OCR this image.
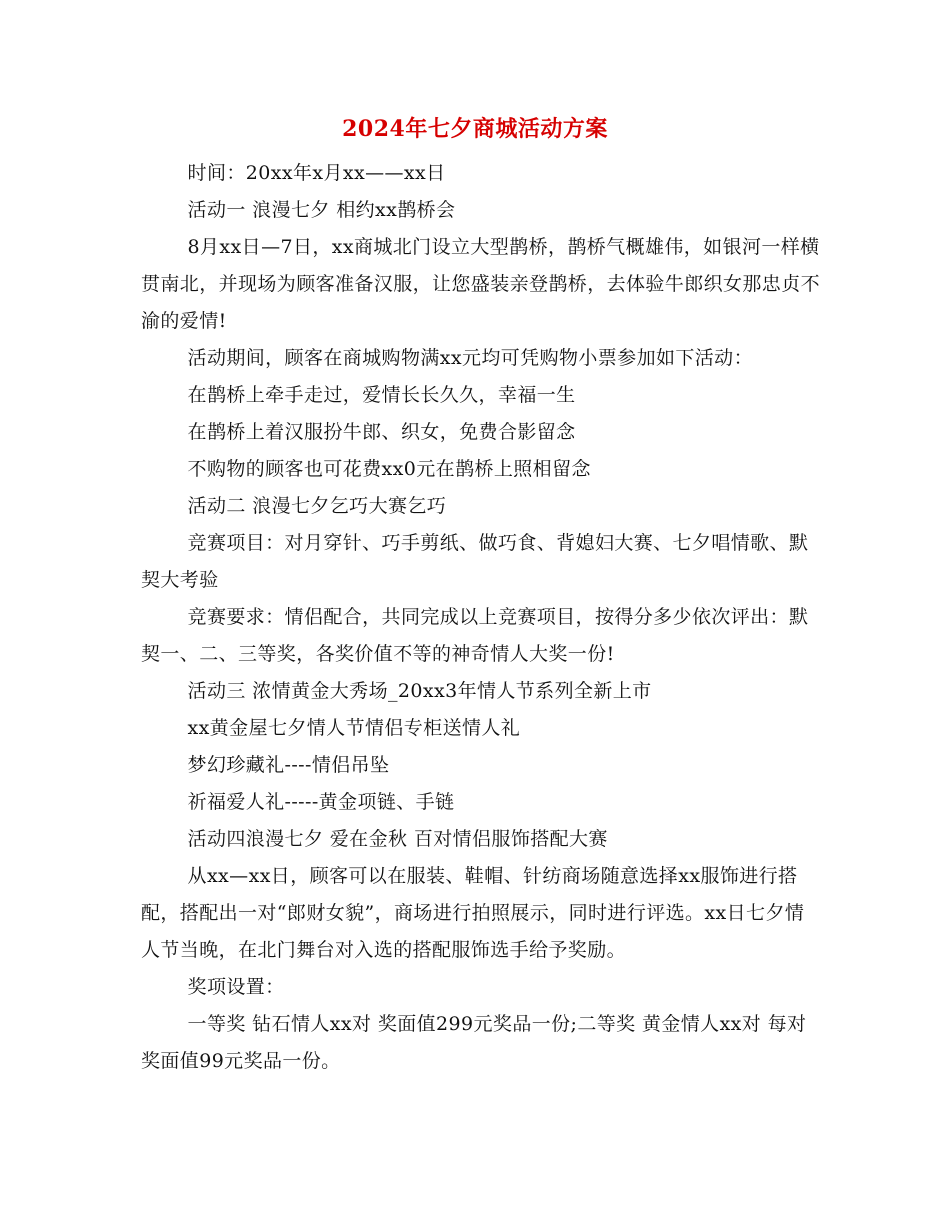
2024年七夕商城活动方案

时间：20xx年x月xx——xx日

活动一 浪漫七夕 相约xx鹊桥会

8月xx日—7日，xx商城北门设立大型鹊桥，鹊桥气概雄伟，如银河一样横贯南北，并现场为顾客准备汉服，让您盛装亲登鹊桥，去体验牛郎织女那忠贞不渝的爱情!

活动期间，顾客在商城购物满xx元均可凭购物小票参加如下活动：

在鹊桥上牵手走过，爱情长长久久，幸福一生

在鹊桥上着汉服扮牛郎、织女，免费合影留念

不购物的顾客也可花费xx0元在鹊桥上照相留念

活动二 浪漫七夕乞巧大赛乞巧

竞赛项目：对月穿针、巧手剪纸、做巧食、背媳妇大赛、七夕唱情歌、默契大考验

竞赛要求：情侣配合，共同完成以上竞赛项目，按得分多少依次评出：默契一、二、三等奖，各奖价值不等的神奇情人大奖一份!

活动三 浓情黄金大秀场_20xx3年情人节系列全新上市

xx黄金屋七夕情人节情侣专柜送情人礼

梦幻珍藏礼----情侣吊坠

祈福爱人礼-----黄金项链、手链

活动四浪漫七夕 爱在金秋 百对情侣服饰搭配大赛

从xx—xx日，顾客可以在服装、鞋帽、针纺商场随意选择xx服饰进行搭配，搭配出一对“郎财女貌”，商场进行拍照展示，同时进行评选。xx日七夕情人节当晚，在北门舞台对入选的搭配服饰选手给予奖励。

奖项设置：

一等奖 钻石情人xx对 奖面值299元奖品一份;二等奖 黄金情人xx对 每对奖面值99元奖品一份。
